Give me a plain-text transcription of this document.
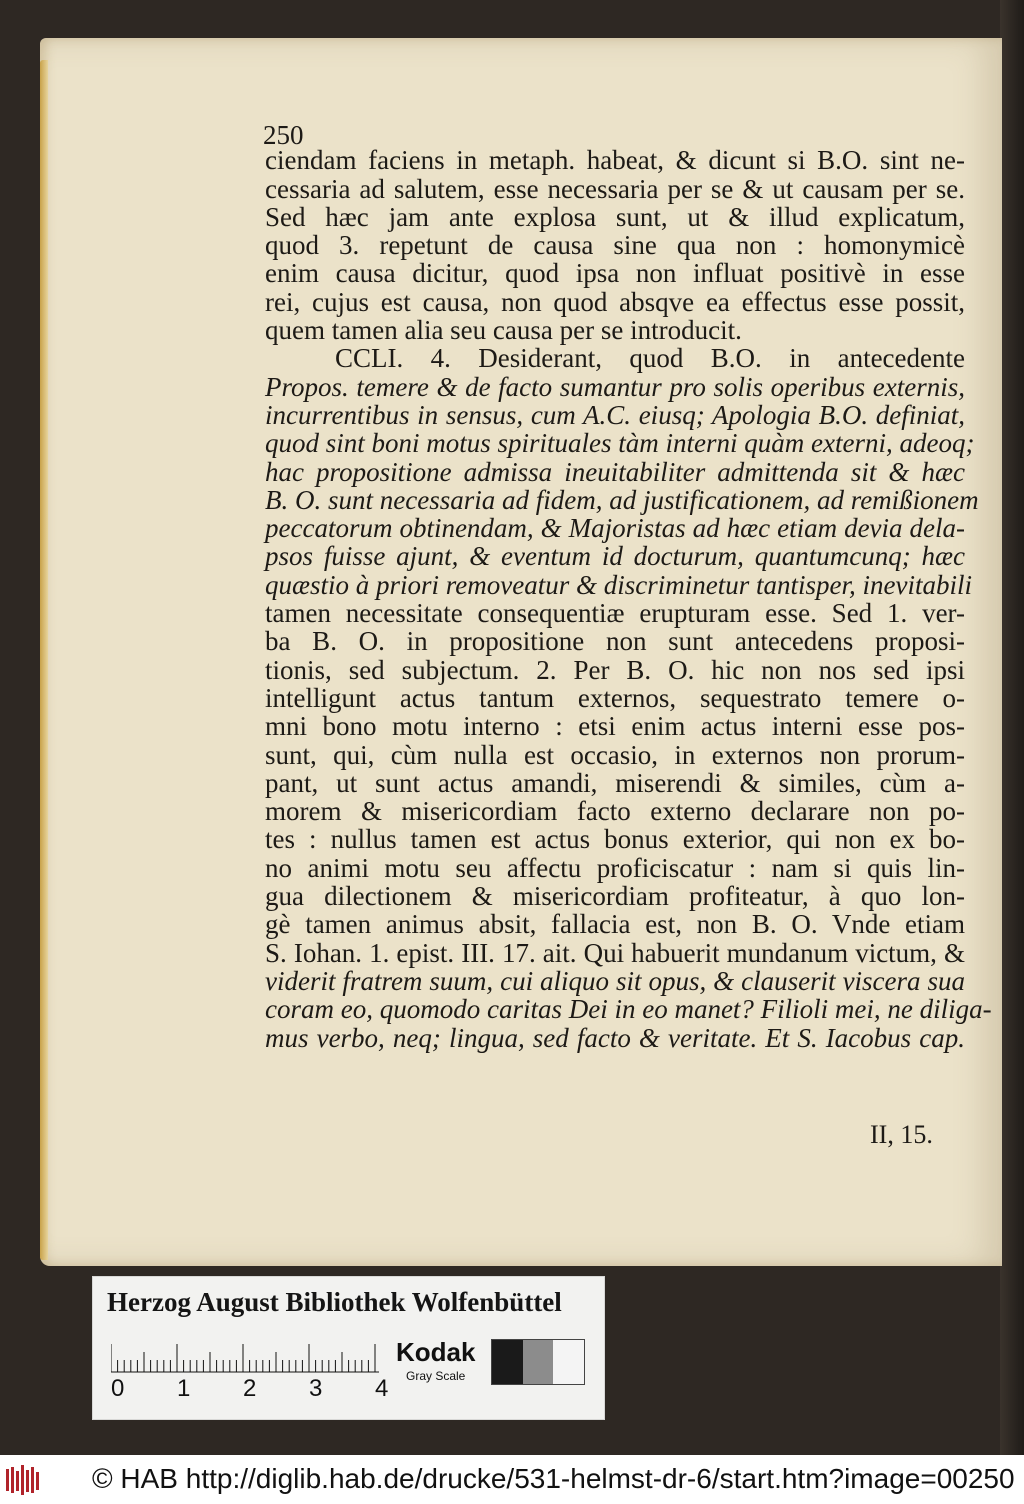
250
ciendam faciens in metaph. habeat, & dicunt si B.O. sint ne-
cessaria ad salutem, esse necessaria per se & ut causam per se.
Sed hæc jam ante explosa sunt, ut & illud explicatum,
quod 3. repetunt de causa sine qua non : homonymicè
enim causa dicitur, quod ipsa non influat positivè in esse
rei, cujus est causa, non quod absqve ea effectus esse possit,
quem tamen alia seu causa per se introducit.
CCLI. 4. Desiderant, quod B.O. in antecedente
Propos. temere & de facto sumantur pro solis operibus externis,
incurrentibus in sensus, cum A.C. eiusq; Apologia B.O. definiat,
quod sint boni motus spirituales tàm interni quàm externi, adeoq;
hac propositione admissa ineuitabiliter admittenda sit & hæc
B. O. sunt necessaria ad fidem, ad justificationem, ad remißionem
peccatorum obtinendam, & Majoristas ad hæc etiam devia dela-
psos fuisse ajunt, & eventum id docturum, quantumcunq; hæc
quæstio à priori removeatur & discriminetur tantisper, inevitabili
tamen necessitate consequentiæ erupturam esse. Sed 1. ver-
ba B. O. in propositione non sunt antecedens proposi-
tionis, sed subjectum. 2. Per B. O. hic non nos sed ipsi
intelligunt actus tantum externos, sequestrato temere o-
mni bono motu interno : etsi enim actus interni esse pos-
sunt, qui, cùm nulla est occasio, in externos non prorum-
pant, ut sunt actus amandi, miserendi & similes, cùm a-
morem & misericordiam facto externo declarare non po-
tes : nullus tamen est actus bonus exterior, qui non ex bo-
no animi motu seu affectu proficiscatur : nam si quis lin-
gua dilectionem & misericordiam profiteatur, à quo lon-
gè tamen animus absit, fallacia est, non B. O. Vnde etiam
S. Iohan. 1. epist. III. 17. ait. Qui habuerit mundanum victum, &
viderit fratrem suum, cui aliquo sit opus, & clauserit viscera sua
coram eo, quomodo caritas Dei in eo manet? Filioli mei, ne diliga-
mus verbo, neq; lingua, sed facto & veritate. Et S. Iacobus cap.
II, 15.
Herzog August Bibliothek Wolfenbüttel
0 1 2 3 4
Kodak
Gray Scale
© HAB http://diglib.hab.de/drucke/531-helmst-dr-6/start.htm?image=00250
